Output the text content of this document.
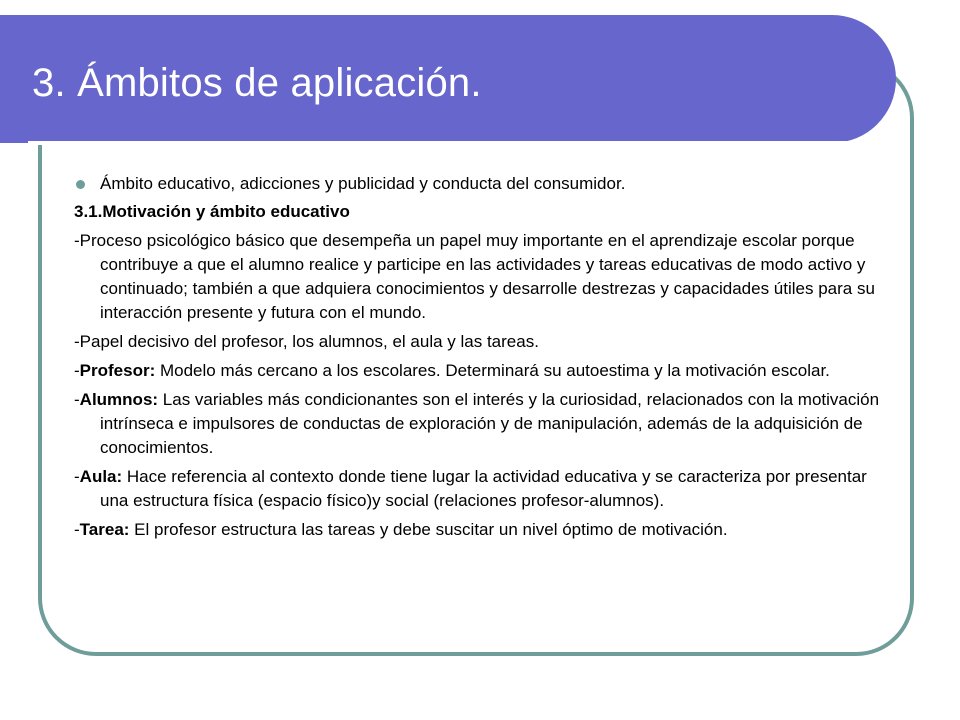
3. Ámbitos de aplicación.
Ámbito educativo, adicciones y publicidad y conducta del consumidor.
3.1.Motivación y ámbito educativo
-Proceso psicológico básico que desempeña un papel muy importante en el aprendizaje escolar porque contribuye a que el alumno realice y participe en las actividades y tareas educativas de modo activo y continuado; también a que adquiera conocimientos y desarrolle destrezas y capacidades útiles para su interacción presente y futura con el mundo.
-Papel decisivo del profesor, los alumnos, el aula y las tareas.
-Profesor: Modelo más cercano a los escolares. Determinará su autoestima y la motivación escolar.
-Alumnos: Las variables más condicionantes son el interés y la curiosidad, relacionados con la motivación intrínseca e impulsores de conductas de exploración y de manipulación, además de la adquisición de conocimientos.
-Aula: Hace referencia al contexto donde tiene lugar la actividad educativa y se caracteriza por presentar una estructura física (espacio físico)y social (relaciones profesor-alumnos).
-Tarea: El profesor estructura las tareas y debe suscitar un nivel óptimo de motivación.
